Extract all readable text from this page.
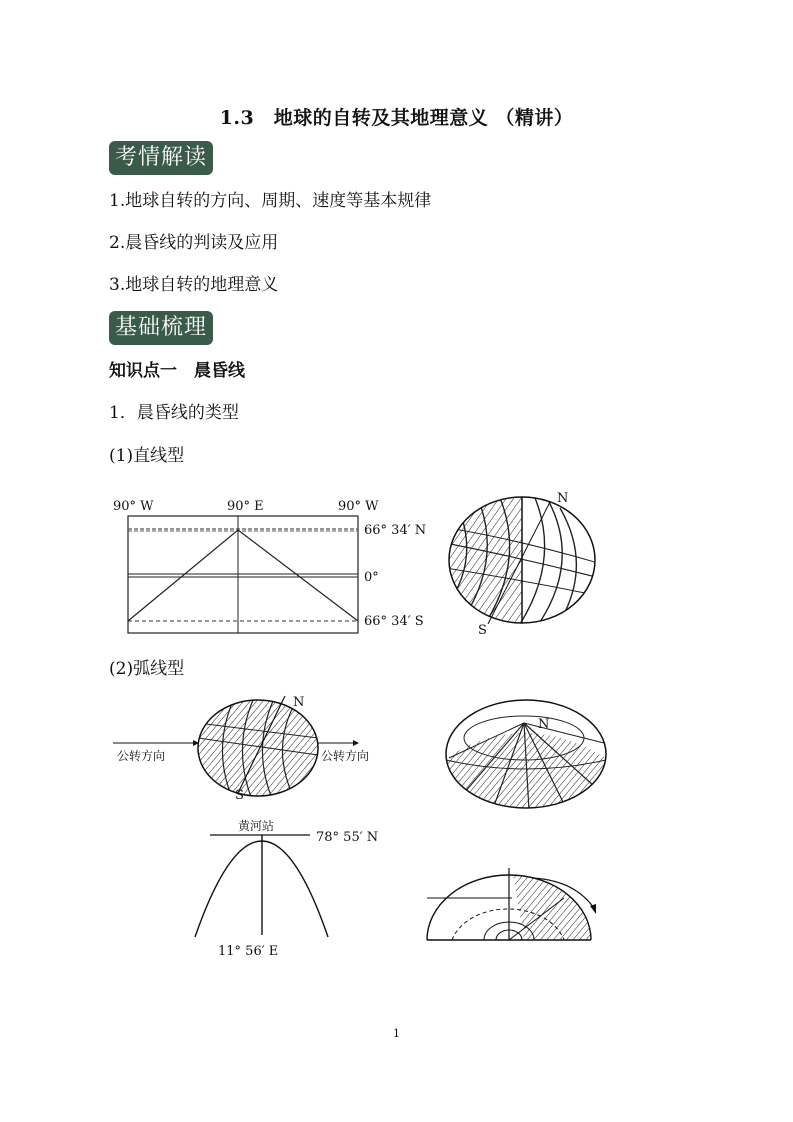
1.3　地球的自转及其地理意义 （精讲）
考情解读
1.地球自转的方向、周期、速度等基本规律
2.晨昏线的判读及应用
3.地球自转的地理意义
基础梳理
知识点一　晨昏线
1．晨昏线的类型
(1)直线型
90° W	90° E	90° W
66° 34′ N
0°
66° 34′ S
N
S
(2)弧线型
公转方向	公转方向
N
S
N
黄河站
78° 55′ N
11° 56′ E
1
